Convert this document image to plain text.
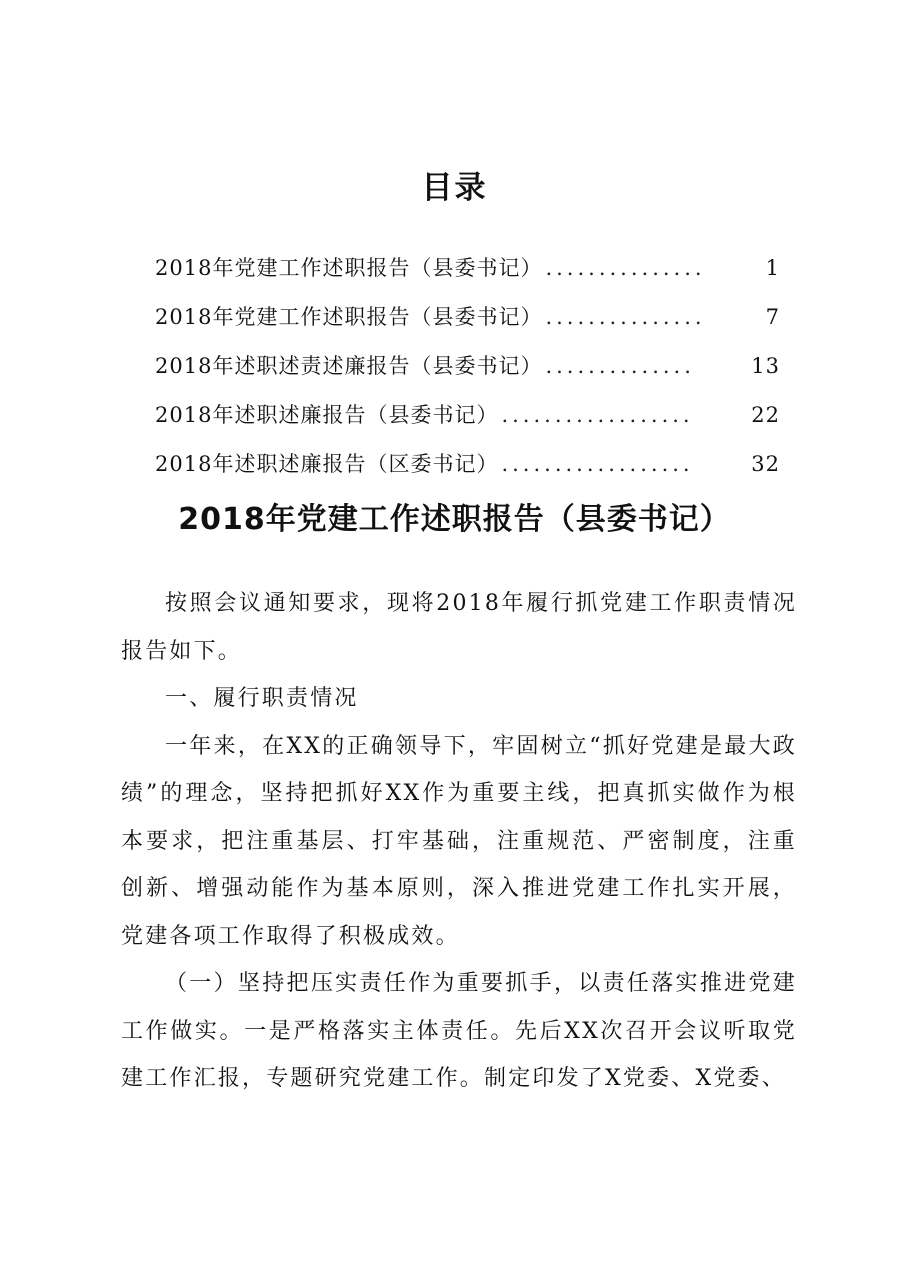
目录
2018年党建工作述职报告（县委书记） ...............	1
2018年党建工作述职报告（县委书记） ...............	7
2018年述职述责述廉报告（县委书记） ..............	13
2018年述职述廉报告（县委书记） ..................	22
2018年述职述廉报告（区委书记） ..................	32
2018年党建工作述职报告（县委书记）

按照会议通知要求，现将2018年履行抓党建工作职责情况报告如下。

一、履行职责情况

一年来，在XX的正确领导下，牢固树立“抓好党建是最大政绩”的理念，坚持把抓好XX作为重要主线，把真抓实做作为根本要求，把注重基层、打牢基础，注重规范、严密制度，注重创新、增强动能作为基本原则，深入推进党建工作扎实开展，党建各项工作取得了积极成效。

（一）坚持把压实责任作为重要抓手，以责任落实推进党建工作做实。一是严格落实主体责任。先后XX次召开会议听取党建工作汇报，专题研究党建工作。制定印发了X党委、X党委、
